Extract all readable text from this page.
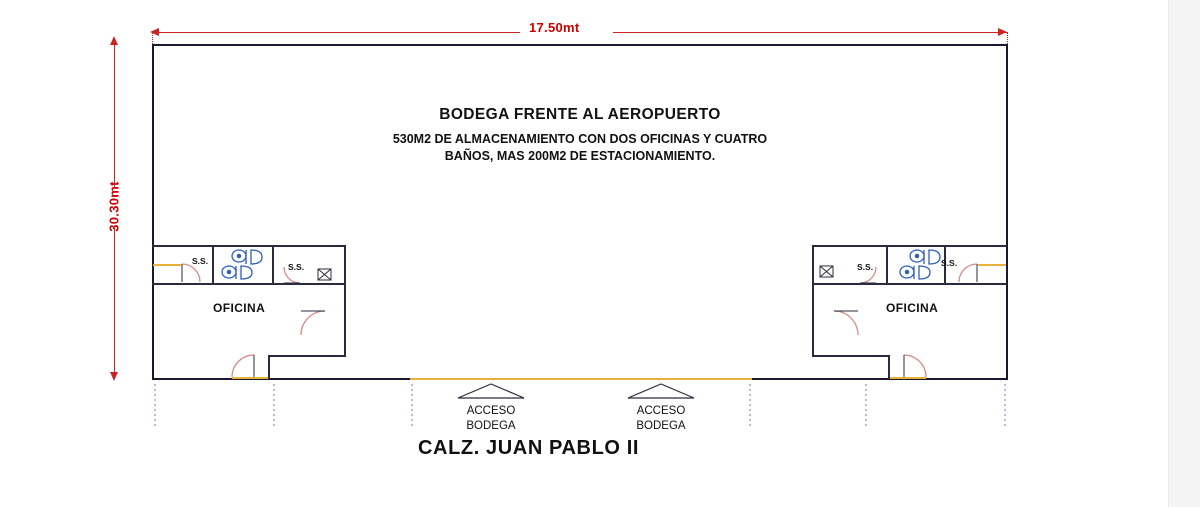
17.50mt
30.30mt
OFICINA
S.S.
S.S.
OFICINA
S.S.	S.S.
BODEGA FRENTE AL AEROPUERTO
530M2 DE ALMACENAMIENTO CON DOS OFICINAS Y CUATRO
BAÑOS, MAS 200M2 DE ESTACIONAMIENTO.
ACCESO
BODEGA
ACCESO
BODEGA
CALZ. JUAN PABLO II
